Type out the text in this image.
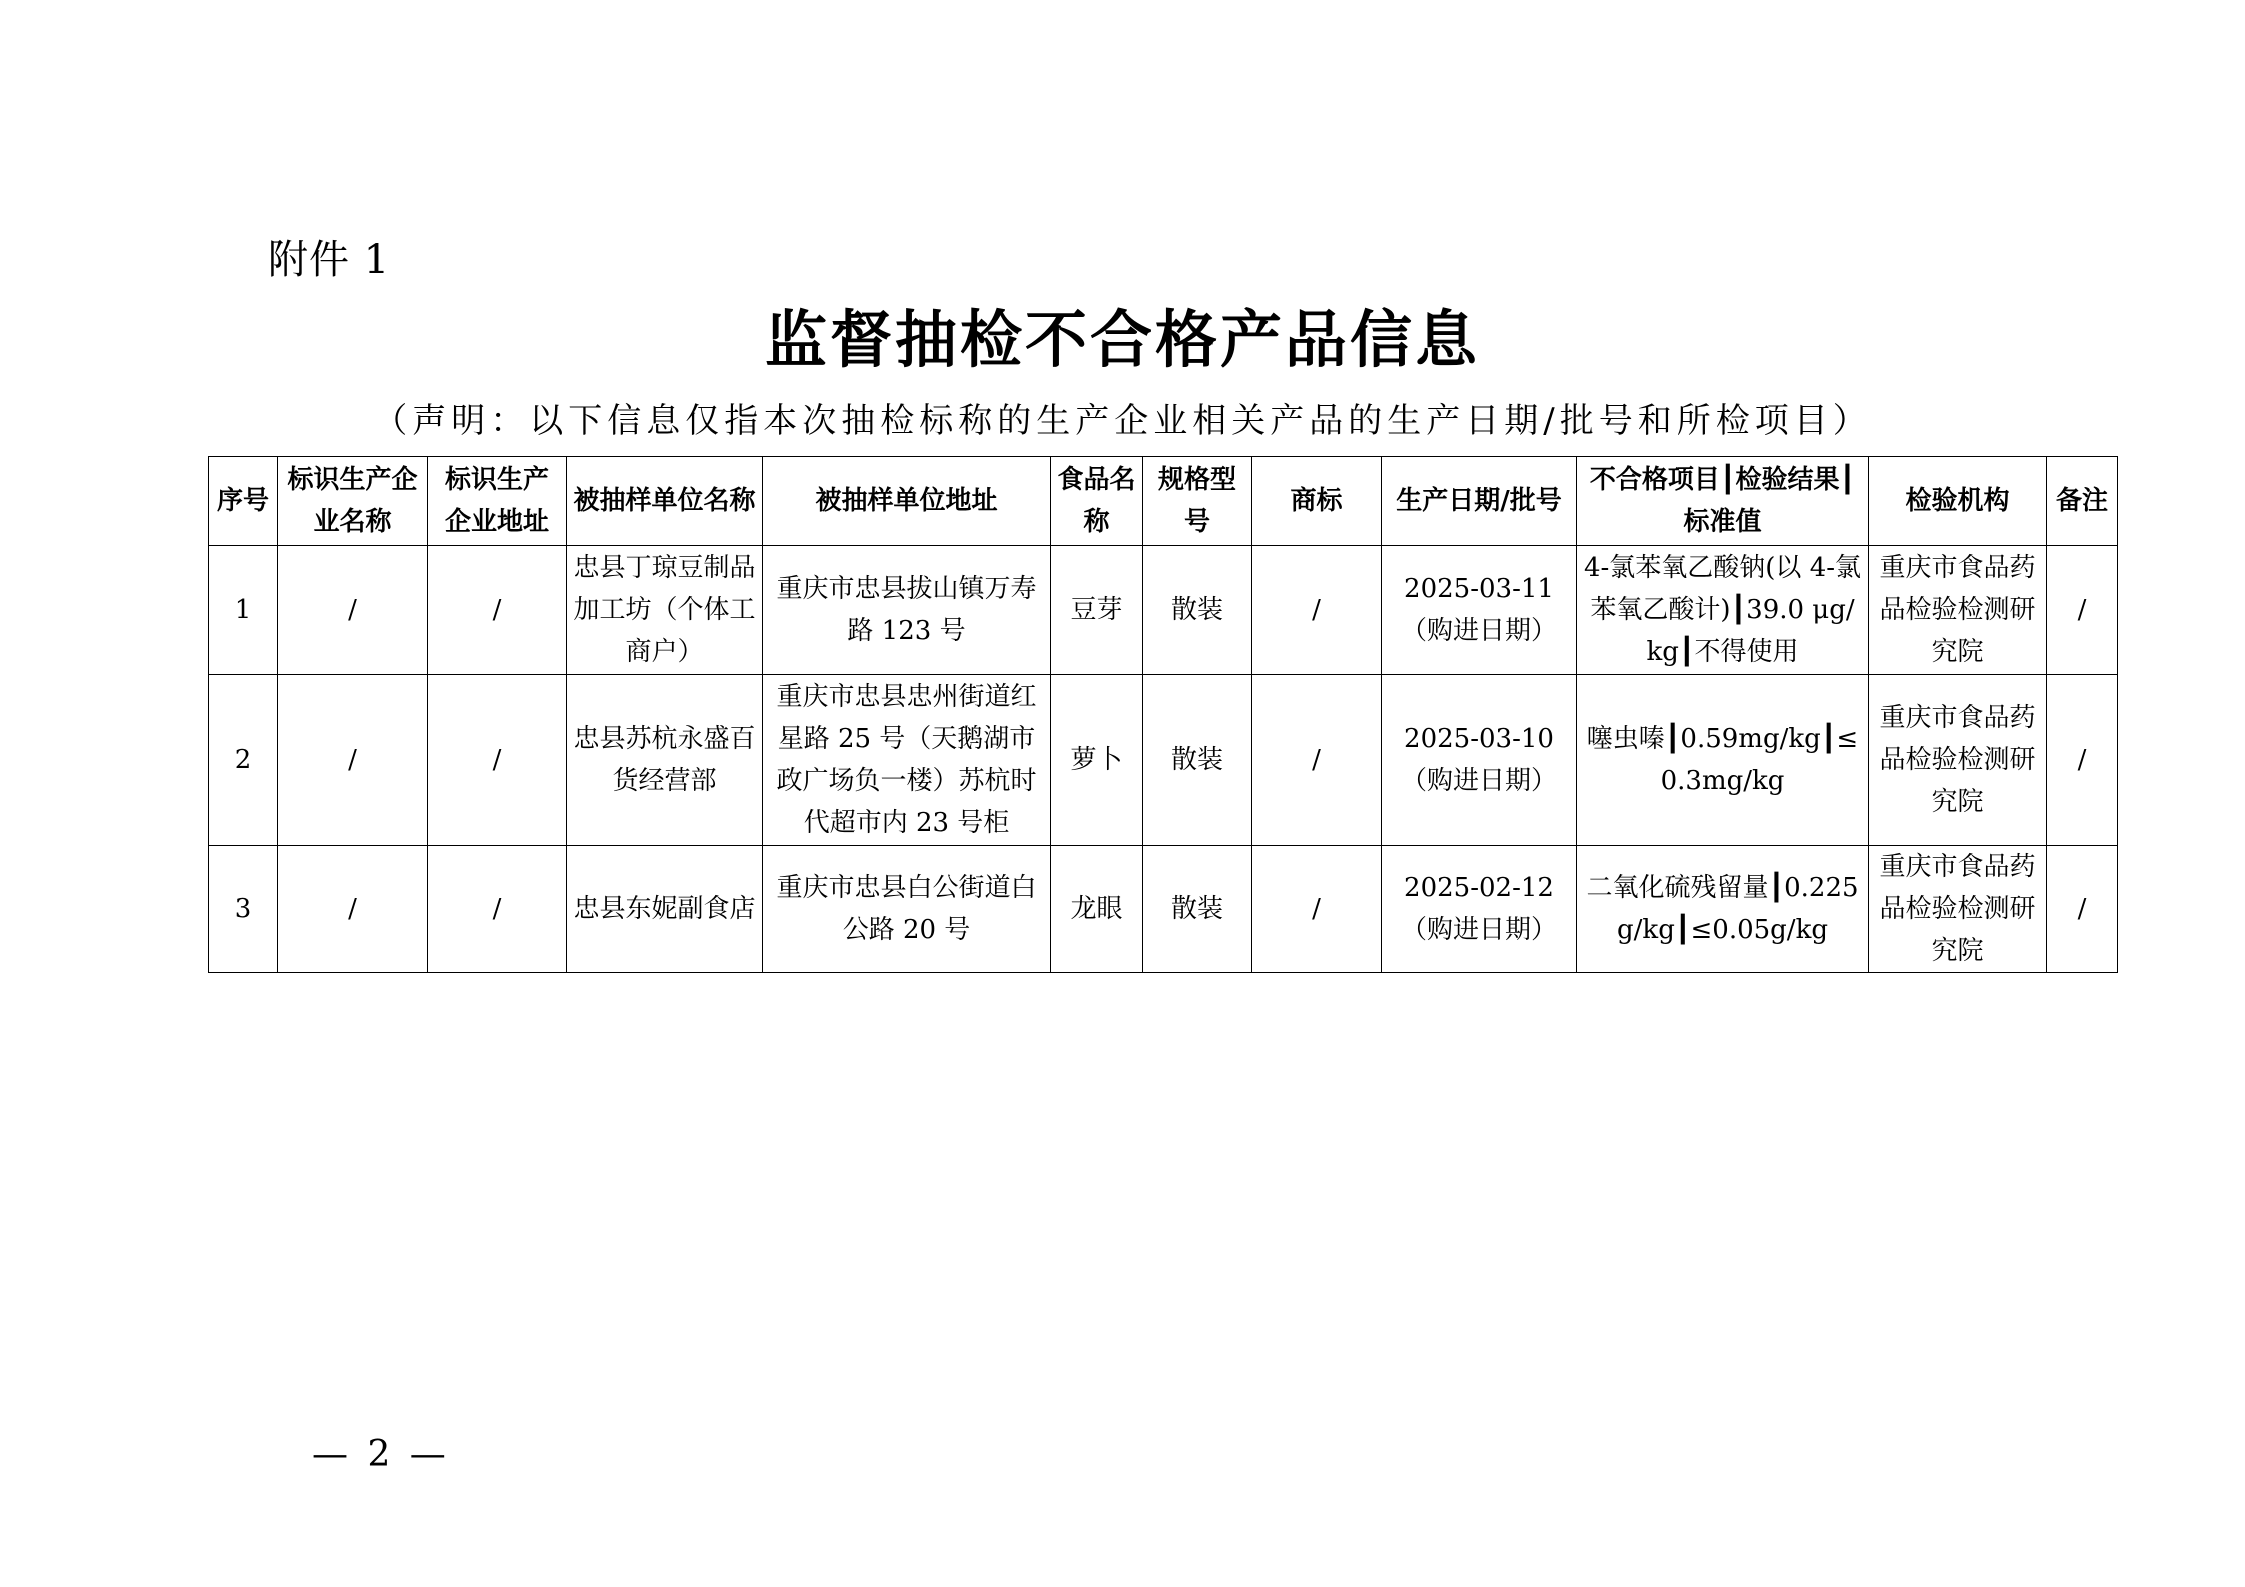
附件 1
监督抽检不合格产品信息
（声明：以下信息仅指本次抽检标称的生产企业相关产品的生产日期/批号和所检项目）
序号	标识生产企业名称	标识生产企业地址	被抽样单位名称	被抽样单位地址	食品名称	规格型号	商标	生产日期/批号	不合格项目┃检验结果┃标准值	检验机构	备注
1	/	/	忠县丁琼豆制品加工坊（个体工商户）	重庆市忠县拔山镇万寿路 123 号	豆芽	散装	/	2025-03-11（购进日期）	4-氯苯氧乙酸钠(以 4-氯苯氧乙酸计)┃39.0 μg/kg┃不得使用	重庆市食品药品检验检测研究院	/
2	/	/	忠县苏杭永盛百货经营部	重庆市忠县忠州街道红星路 25 号（天鹅湖市政广场负一楼）苏杭时代超市内 23 号柜	萝卜	散装	/	2025-03-10（购进日期）	噻虫嗪┃0.59mg/kg┃≤0.3mg/kg	重庆市食品药品检验检测研究院	/
3	/	/	忠县东妮副食店	重庆市忠县白公街道白公路 20 号	龙眼	散装	/	2025-02-12（购进日期）	二氧化硫残留量┃0.225g/kg┃≤0.05g/kg	重庆市食品药品检验检测研究院	/
— 2 —
